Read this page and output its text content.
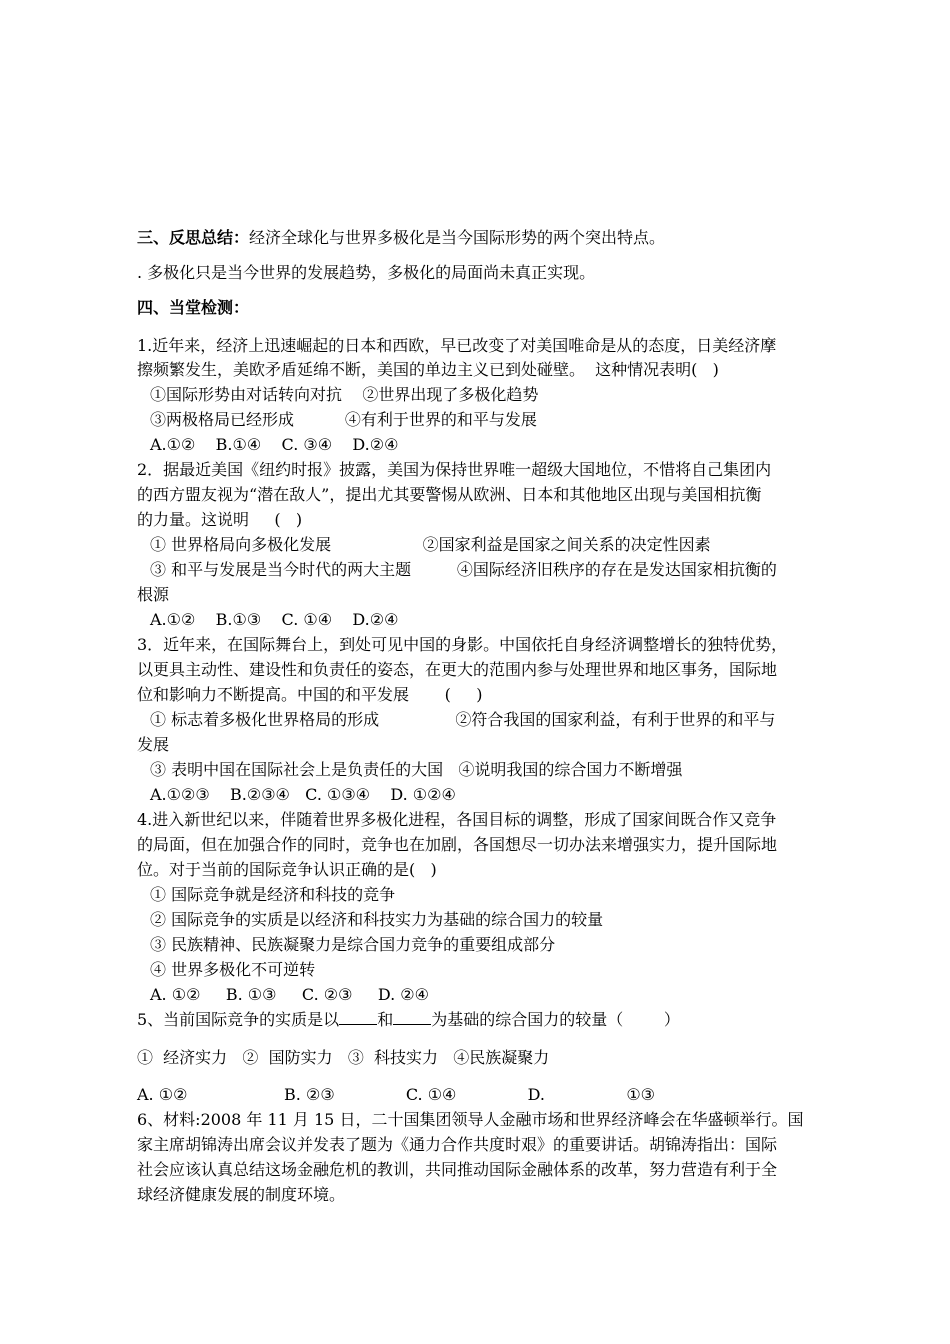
三、反思总结：经济全球化与世界多极化是当今国际形势的两个突出特点。
. 多极化只是当今世界的发展趋势，多极化的局面尚未真正实现。
四、当堂检测：
1.近年来，经济上迅速崛起的日本和西欧，早已改变了对美国唯命是从的态度，日美经济摩
擦频繁发生，美欧矛盾延绵不断，美国的单边主义已到处碰壁。  这种情况表明(   )
①国际形势由对话转向对抗    ②世界出现了多极化趋势
③两极格局已经形成          ④有利于世界的和平与发展
A.①②    B.①④    C. ③④    D.②④
2．据最近美国《纽约时报》披露，美国为保持世界唯一超级大国地位，不惜将自己集团内
的西方盟友视为“潜在敌人”，提出尤其要警惕从欧洲、日本和其他地区出现与美国相抗衡
的力量。这说明     (   )
① 世界格局向多极化发展                  ②国家利益是国家之间关系的决定性因素
③ 和平与发展是当今时代的两大主题         ④国际经济旧秩序的存在是发达国家相抗衡的
根源
A.①②    B.①③    C. ①④    D.②④
3．近年来，在国际舞台上，到处可见中国的身影。中国依托自身经济调整增长的独特优势，
以更具主动性、建设性和负责任的姿态，在更大的范围内参与处理世界和地区事务，国际地
位和影响力不断提高。中国的和平发展       (     )
① 标志着多极化世界格局的形成               ②符合我国的国家利益，有利于世界的和平与
发展
③ 表明中国在国际社会上是负责任的大国   ④说明我国的综合国力不断增强
A.①②③    B.②③④   C. ①③④    D. ①②④
4.进入新世纪以来，伴随着世界多极化进程，各国目标的调整，形成了国家间既合作又竞争
的局面，但在加强合作的同时，竞争也在加剧，各国想尽一切办法来增强实力，提升国际地
位。对于当前的国际竞争认识正确的是(   )
① 国际竞争就是经济和科技的竞争
② 国际竞争的实质是以经济和科技实力为基础的综合国力的较量
③ 民族精神、民族凝聚力是综合国力竞争的重要组成部分
④ 世界多极化不可逆转
A. ①②     B. ①③     C. ②③     D. ②④
5、当前国际竞争的实质是以 和 为基础的综合国力的较量（        ）
①  经济实力   ②  国防实力   ③  科技实力   ④民族凝聚力
A. ①②                   B. ②③              C. ①④              D.                ①③
6、材料:2008 年 11 月 15 日，二十国集团领导人金融市场和世界经济峰会在华盛顿举行。国
家主席胡锦涛出席会议并发表了题为《通力合作共度时艰》的重要讲话。胡锦涛指出：国际
社会应该认真总结这场金融危机的教训，共同推动国际金融体系的改革，努力营造有利于全
球经济健康发展的制度环境。
